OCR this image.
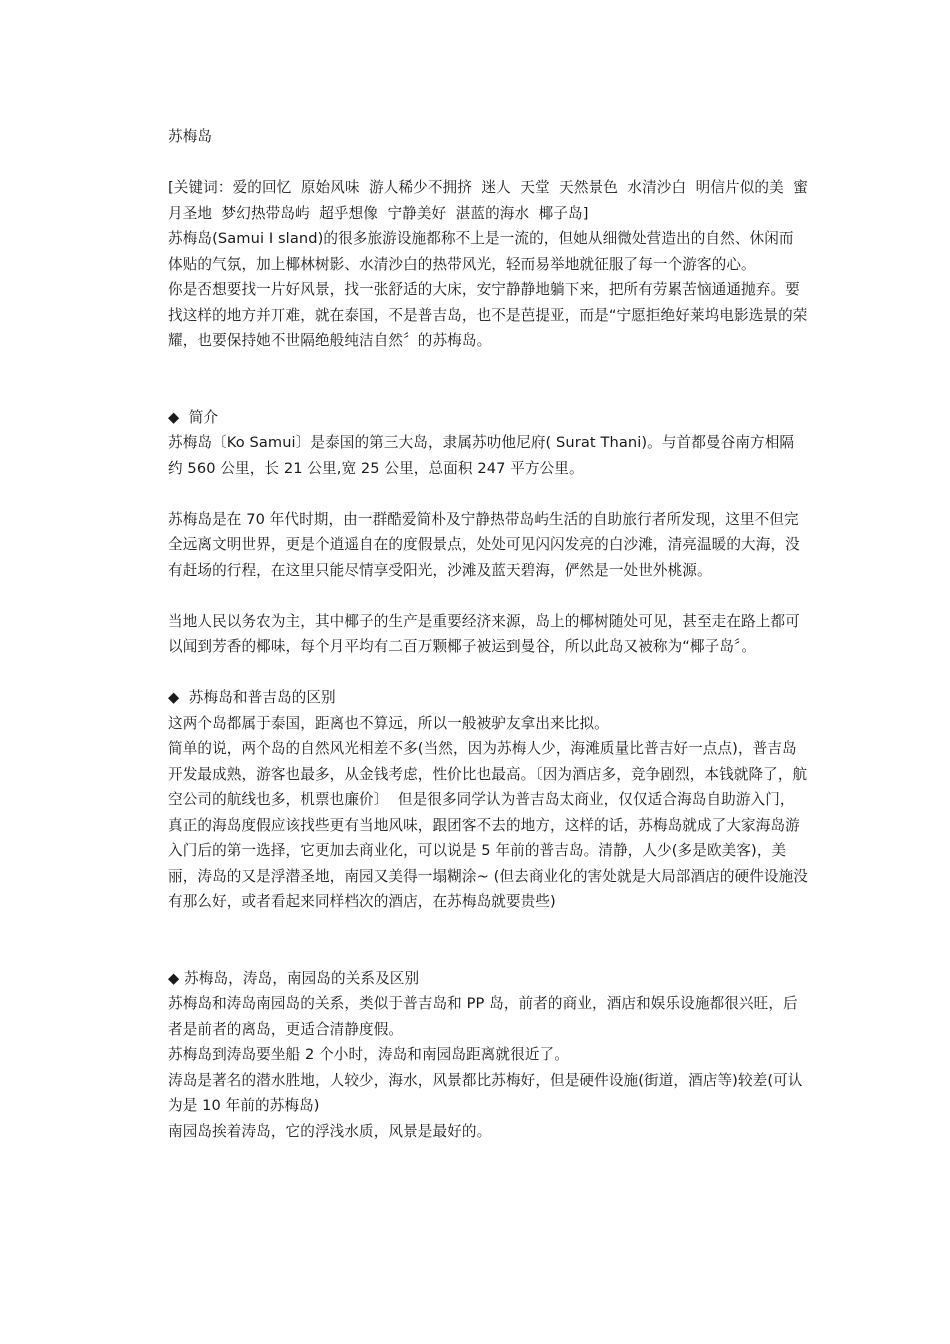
苏梅岛

[关键词：爱的回忆  原始风味  游人稀少不拥挤  迷人  天堂  天然景色  水清沙白  明信片似的美  蜜月圣地  梦幻热带岛屿  超乎想像  宁静美好  湛蓝的海水  椰子岛]

苏梅岛(Samui I sland)的很多旅游设施都称不上是一流的，但她从细微处营造出的自然、休闲而体贴的气氛，加上椰林树影、水清沙白的热带风光，轻而易举地就征服了每一个游客的心。

你是否想要找一片好风景，找一张舒适的大床，安宁静静地躺下来，把所有劳累苦恼通通抛弃。要找这样的地方并丌难，就在泰国，不是普吉岛，也不是芭提亚，而是“宁愿拒绝好莱坞电影选景的荣耀，也要保持她不世隔绝般纯洁自然〞的苏梅岛。

◆  简介

苏梅岛〔Ko Samui〕是泰国的第三大岛，隶属苏叻他尼府( Surat Thani)。与首都曼谷南方相隔约 560 公里，长 21 公里,宽 25 公里，总面积 247 平方公里。

苏梅岛是在 70 年代时期，由一群酷爱简朴及宁静热带岛屿生活的自助旅行者所发现，这里不但完全远离文明世界，更是个逍遥自在的度假景点，处处可见闪闪发亮的白沙滩，清亮温暖的大海，没有赶场的行程，在这里只能尽情享受阳光，沙滩及蓝天碧海，俨然是一处世外桃源。

当地人民以务农为主，其中椰子的生产是重要经济来源，岛上的椰树随处可见，甚至走在路上都可以闻到芳香的椰味，每个月平均有二百万颗椰子被运到曼谷，所以此岛又被称为“椰子岛〞。

◆  苏梅岛和普吉岛的区别

这两个岛都属于泰国，距离也不算远，所以一般被驴友拿出来比拟。

简单的说，两个岛的自然风光相差不多(当然，因为苏梅人少，海滩质量比普吉好一点点)，普吉岛开发最成熟，游客也最多，从金钱考虑，性价比也最高。〔因为酒店多，竞争剧烈，本钱就降了，航空公司的航线也多，机票也廉价〕  但是很多同学认为普吉岛太商业，仅仅适合海岛自助游入门，真正的海岛度假应该找些更有当地风味，跟团客不去的地方，这样的话，苏梅岛就成了大家海岛游入门后的第一选择，它更加去商业化，可以说是 5 年前的普吉岛。清静，人少(多是欧美客)，美丽，涛岛的又是浮潜圣地，南园又美得一塌糊涂~ (但去商业化的害处就是大局部酒店的硬件设施没有那么好，或者看起来同样档次的酒店，在苏梅岛就要贵些)

◆ 苏梅岛，涛岛，南园岛的关系及区别

苏梅岛和涛岛南园岛的关系，类似于普吉岛和 PP 岛，前者的商业，酒店和娱乐设施都很兴旺，后者是前者的离岛，更适合清静度假。

苏梅岛到涛岛要坐船 2 个小时，涛岛和南园岛距离就很近了。

涛岛是著名的潜水胜地，人较少，海水，风景都比苏梅好，但是硬件设施(街道，酒店等)较差(可认为是 10 年前的苏梅岛)

南园岛挨着涛岛，它的浮浅水质，风景是最好的。
